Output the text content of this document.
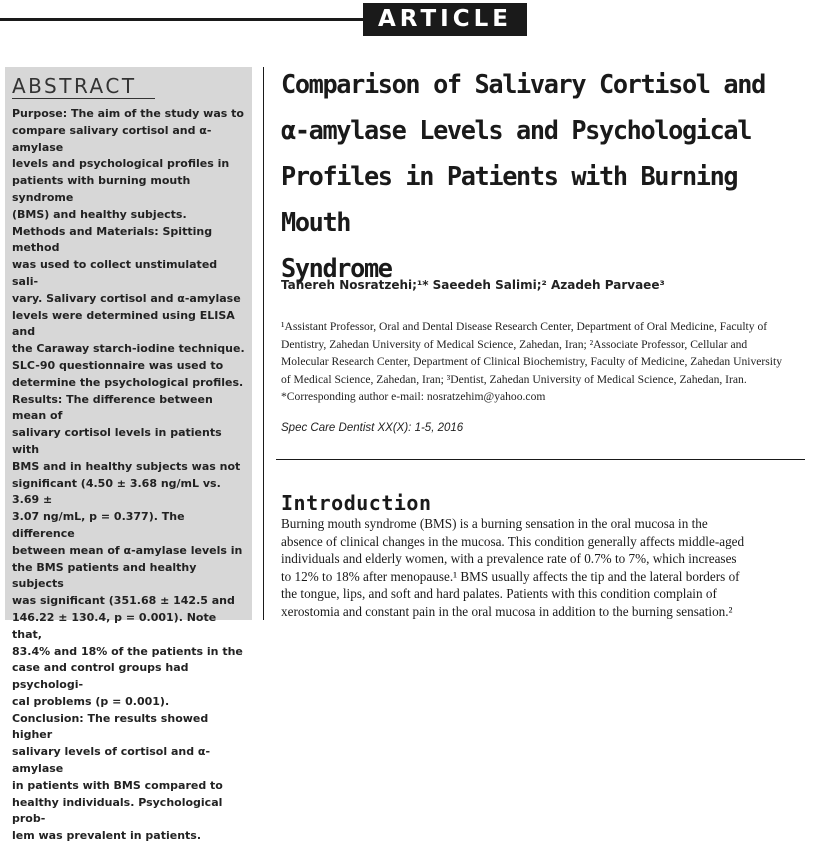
ARTICLE
ABSTRACT

Purpose: The aim of the study was to
compare salivary cortisol and α-amylase
levels and psychological profiles in
patients with burning mouth syndrome
(BMS) and healthy subjects.
Methods and Materials: Spitting method
was used to collect unstimulated sali-
vary. Salivary cortisol and α-amylase
levels were determined using ELISA and
the Caraway starch-iodine technique.
SLC-90 questionnaire was used to
determine the psychological profiles.
Results: The difference between mean of
salivary cortisol levels in patients with
BMS and in healthy subjects was not
significant (4.50 ± 3.68 ng/mL vs. 3.69 ±
3.07 ng/mL, p = 0.377). The difference
between mean of α-amylase levels in
the BMS patients and healthy subjects
was significant (351.68 ± 142.5 and
146.22 ± 130.4, p = 0.001). Note that,
83.4% and 18% of the patients in the
case and control groups had psychologi-
cal problems (p = 0.001).
Conclusion: The results showed higher
salivary levels of cortisol and α-amylase
in patients with BMS compared to
healthy individuals. Psychological prob-
lem was prevalent in patients.

Comparison of Salivary Cortisol and
α-amylase Levels and Psychological
Profiles in Patients with Burning Mouth
Syndrome

Tahereh Nosratzehi;¹* Saeedeh Salimi;² Azadeh Parvaee³

¹Assistant Professor, Oral and Dental Disease Research Center, Department of Oral Medicine, Faculty of
Dentistry, Zahedan University of Medical Science, Zahedan, Iran; ²Associate Professor, Cellular and
Molecular Research Center, Department of Clinical Biochemistry, Faculty of Medicine, Zahedan University
of Medical Science, Zahedan, Iran; ³Dentist, Zahedan University of Medical Science, Zahedan, Iran.
*Corresponding author e-mail: nosratzehim@yahoo.com

Spec Care Dentist XX(X): 1-5, 2016

Introduction

Burning mouth syndrome (BMS) is a burning sensation in the oral mucosa in the
absence of clinical changes in the mucosa. This condition generally affects middle-aged
individuals and elderly women, with a prevalence rate of 0.7% to 7%, which increases
to 12% to 18% after menopause.¹ BMS usually affects the tip and the lateral borders of
the tongue, lips, and soft and hard palates. Patients with this condition complain of
xerostomia and constant pain in the oral mucosa in addition to the burning sensation.²
